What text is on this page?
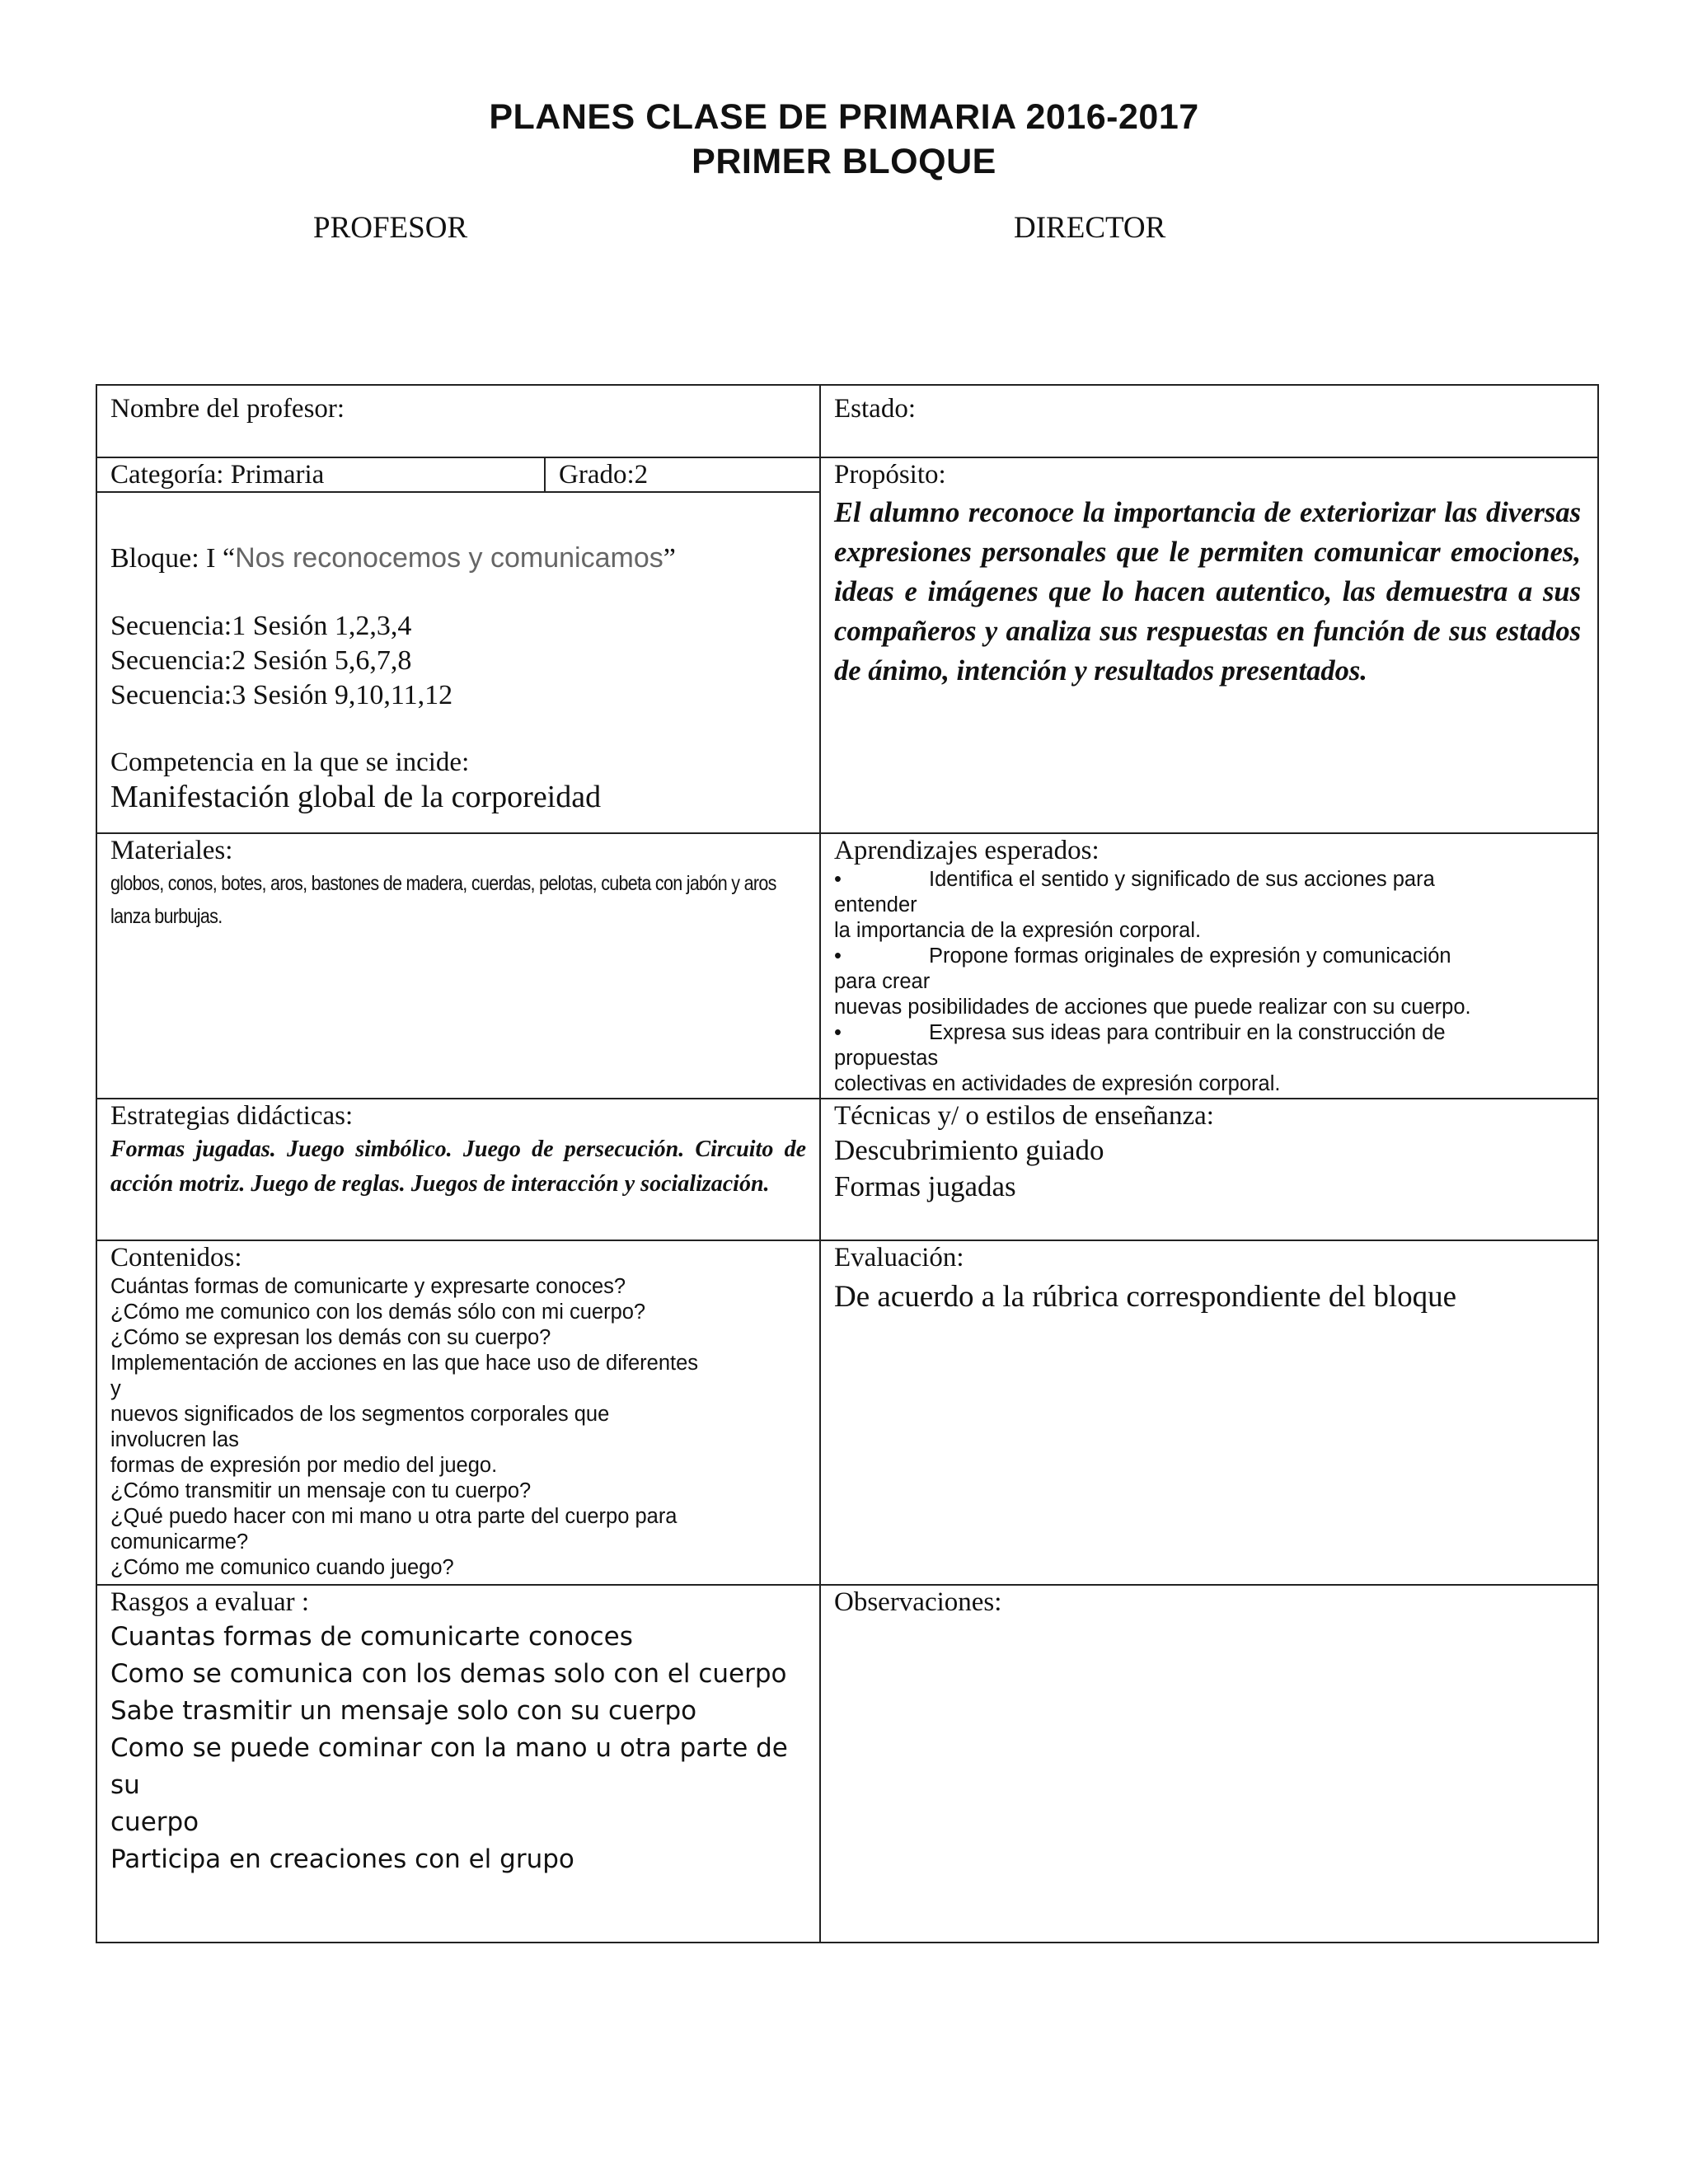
PLANES CLASE DE PRIMARIA 2016-2017
PRIMER BLOQUE
PROFESOR	DIRECTOR
Nombre del profesor:	Estado:
Categoría: Primaria	Grado:2
Bloque: I “Nos reconocemos y comunicamos”

Secuencia:1 Sesión 1,2,3,4

Secuencia:2 Sesión 5,6,7,8

Secuencia:3 Sesión 9,10,11,12

Competencia en la que se incide:
Manifestación global de la corporeidad
Propósito:

El alumno reconoce la importancia de exteriorizar las diversas expresiones personales que le permiten comunicar emociones, ideas e imágenes que lo hacen autentico, las demuestra a sus compañeros y analiza sus respuestas en función de sus estados de ánimo, intención y resultados presentados.

Materiales:
globos, conos, botes, aros, bastones de madera, cuerdas, pelotas, cubeta con jabón y aros lanza burbujas.
Aprendizajes esperados:
•	Identifica el sentido y significado de sus acciones para

entender

la importancia de la expresión corporal.

•	Propone formas originales de expresión y comunicación

para crear

nuevas posibilidades de acciones que puede realizar con su cuerpo.

•	Expresa sus ideas para contribuir en la construcción de

propuestas

colectivas en actividades de expresión corporal.

Estrategias didácticas:

Formas jugadas. Juego simbólico. Juego de persecución. Circuito de acción motriz. Juego de reglas. Juegos de interacción y socialización.

Técnicas y/ o estilos de enseñanza:

Descubrimiento guiado

Formas jugadas

Contenidos:

Cuántas formas de comunicarte y expresarte conoces?

¿Cómo me comunico con los demás sólo con mi cuerpo?

¿Cómo se expresan los demás con su cuerpo?

Implementación de acciones en las que hace uso de diferentes

y

nuevos significados de los segmentos corporales que

involucren las

formas de expresión por medio del juego.

¿Cómo transmitir un mensaje con tu cuerpo?

¿Qué puedo hacer con mi mano u otra parte del cuerpo para

comunicarme?

¿Cómo me comunico cuando juego?

Evaluación:

De acuerdo a la rúbrica correspondiente del bloque

Rasgos a evaluar :

Cuantas formas de comunicarte conoces

Como se comunica con los demas solo con el cuerpo

Sabe trasmitir un mensaje solo con su cuerpo

Como se puede cominar con la mano u otra parte de su

cuerpo

Participa en creaciones con el grupo

Observaciones:
